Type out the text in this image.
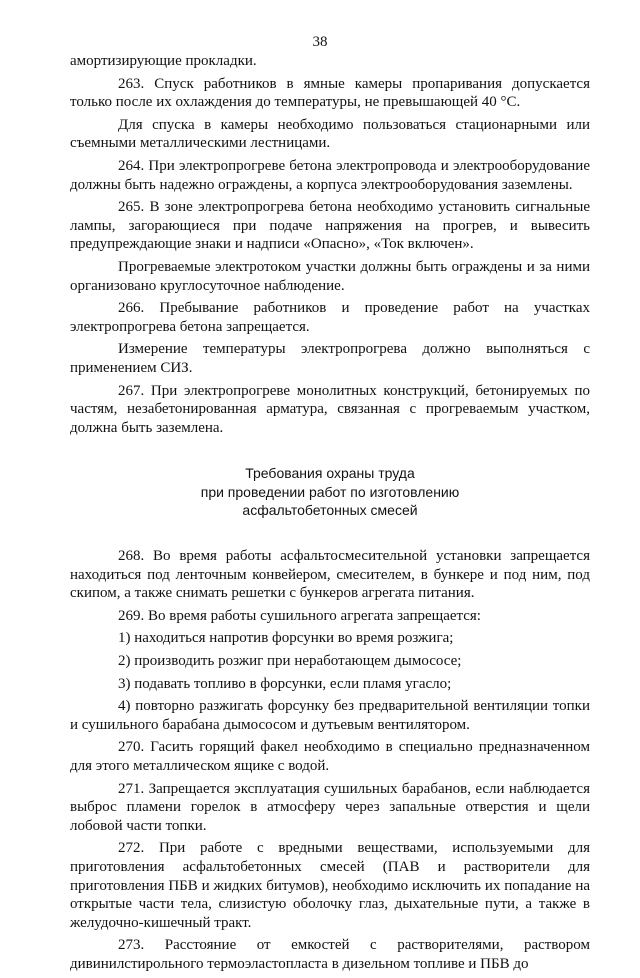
38

амортизирующие прокладки.

263. Спуск работников в ямные камеры пропаривания допускается только после их охлаждения до температуры, не превышающей 40 °С.

Для спуска в камеры необходимо пользоваться стационарными или съемными металлическими лестницами.

264. При электропрогреве бетона электропровода и электрооборудование должны быть надежно ограждены, а корпуса электрооборудования заземлены.

265. В зоне электропрогрева бетона необходимо установить сигнальные лампы, загорающиеся при подаче напряжения на прогрев, и вывесить предупреждающие знаки и надписи «Опасно», «Ток включен».

Прогреваемые электротоком участки должны быть ограждены и за ними организовано круглосуточное наблюдение.

266. Пребывание работников и проведение работ на участках электропрогрева бетона запрещается.

Измерение температуры электропрогрева должно выполняться с применением СИЗ.

267. При электропрогреве монолитных конструкций, бетонируемых по частям, незабетонированная арматура, связанная с прогреваемым участком, должна быть заземлена.

Требования охраны труда
при проведении работ по изготовлению
асфальтобетонных смесей

268. Во время работы асфальтосмесительной установки запрещается находиться под ленточным конвейером, смесителем, в бункере и под ним, под скипом, а также снимать решетки с бункеров агрегата питания.

269. Во время работы сушильного агрегата запрещается:

1) находиться напротив форсунки во время розжига;

2) производить розжиг при неработающем дымососе;

3) подавать топливо в форсунки, если пламя угасло;

4) повторно разжигать форсунку без предварительной вентиляции топки и сушильного барабана дымососом и дутьевым вентилятором.

270. Гасить горящий факел необходимо в специально предназначенном для этого металлическом ящике с водой.

271. Запрещается эксплуатация сушильных барабанов, если наблюдается выброс пламени горелок в атмосферу через запальные отверстия и щели лобовой части топки.

272. При работе с вредными веществами, используемыми для приготовления асфальтобетонных смесей (ПАВ и растворители для приготовления ПБВ и жидких битумов), необходимо исключить их попадание на открытые части тела, слизистую оболочку глаз, дыхательные пути, а также в желудочно-кишечный тракт.

273. Расстояние от емкостей с растворителями, раствором дивинилстирольного термоэластопласта в дизельном топливе и ПБВ до
